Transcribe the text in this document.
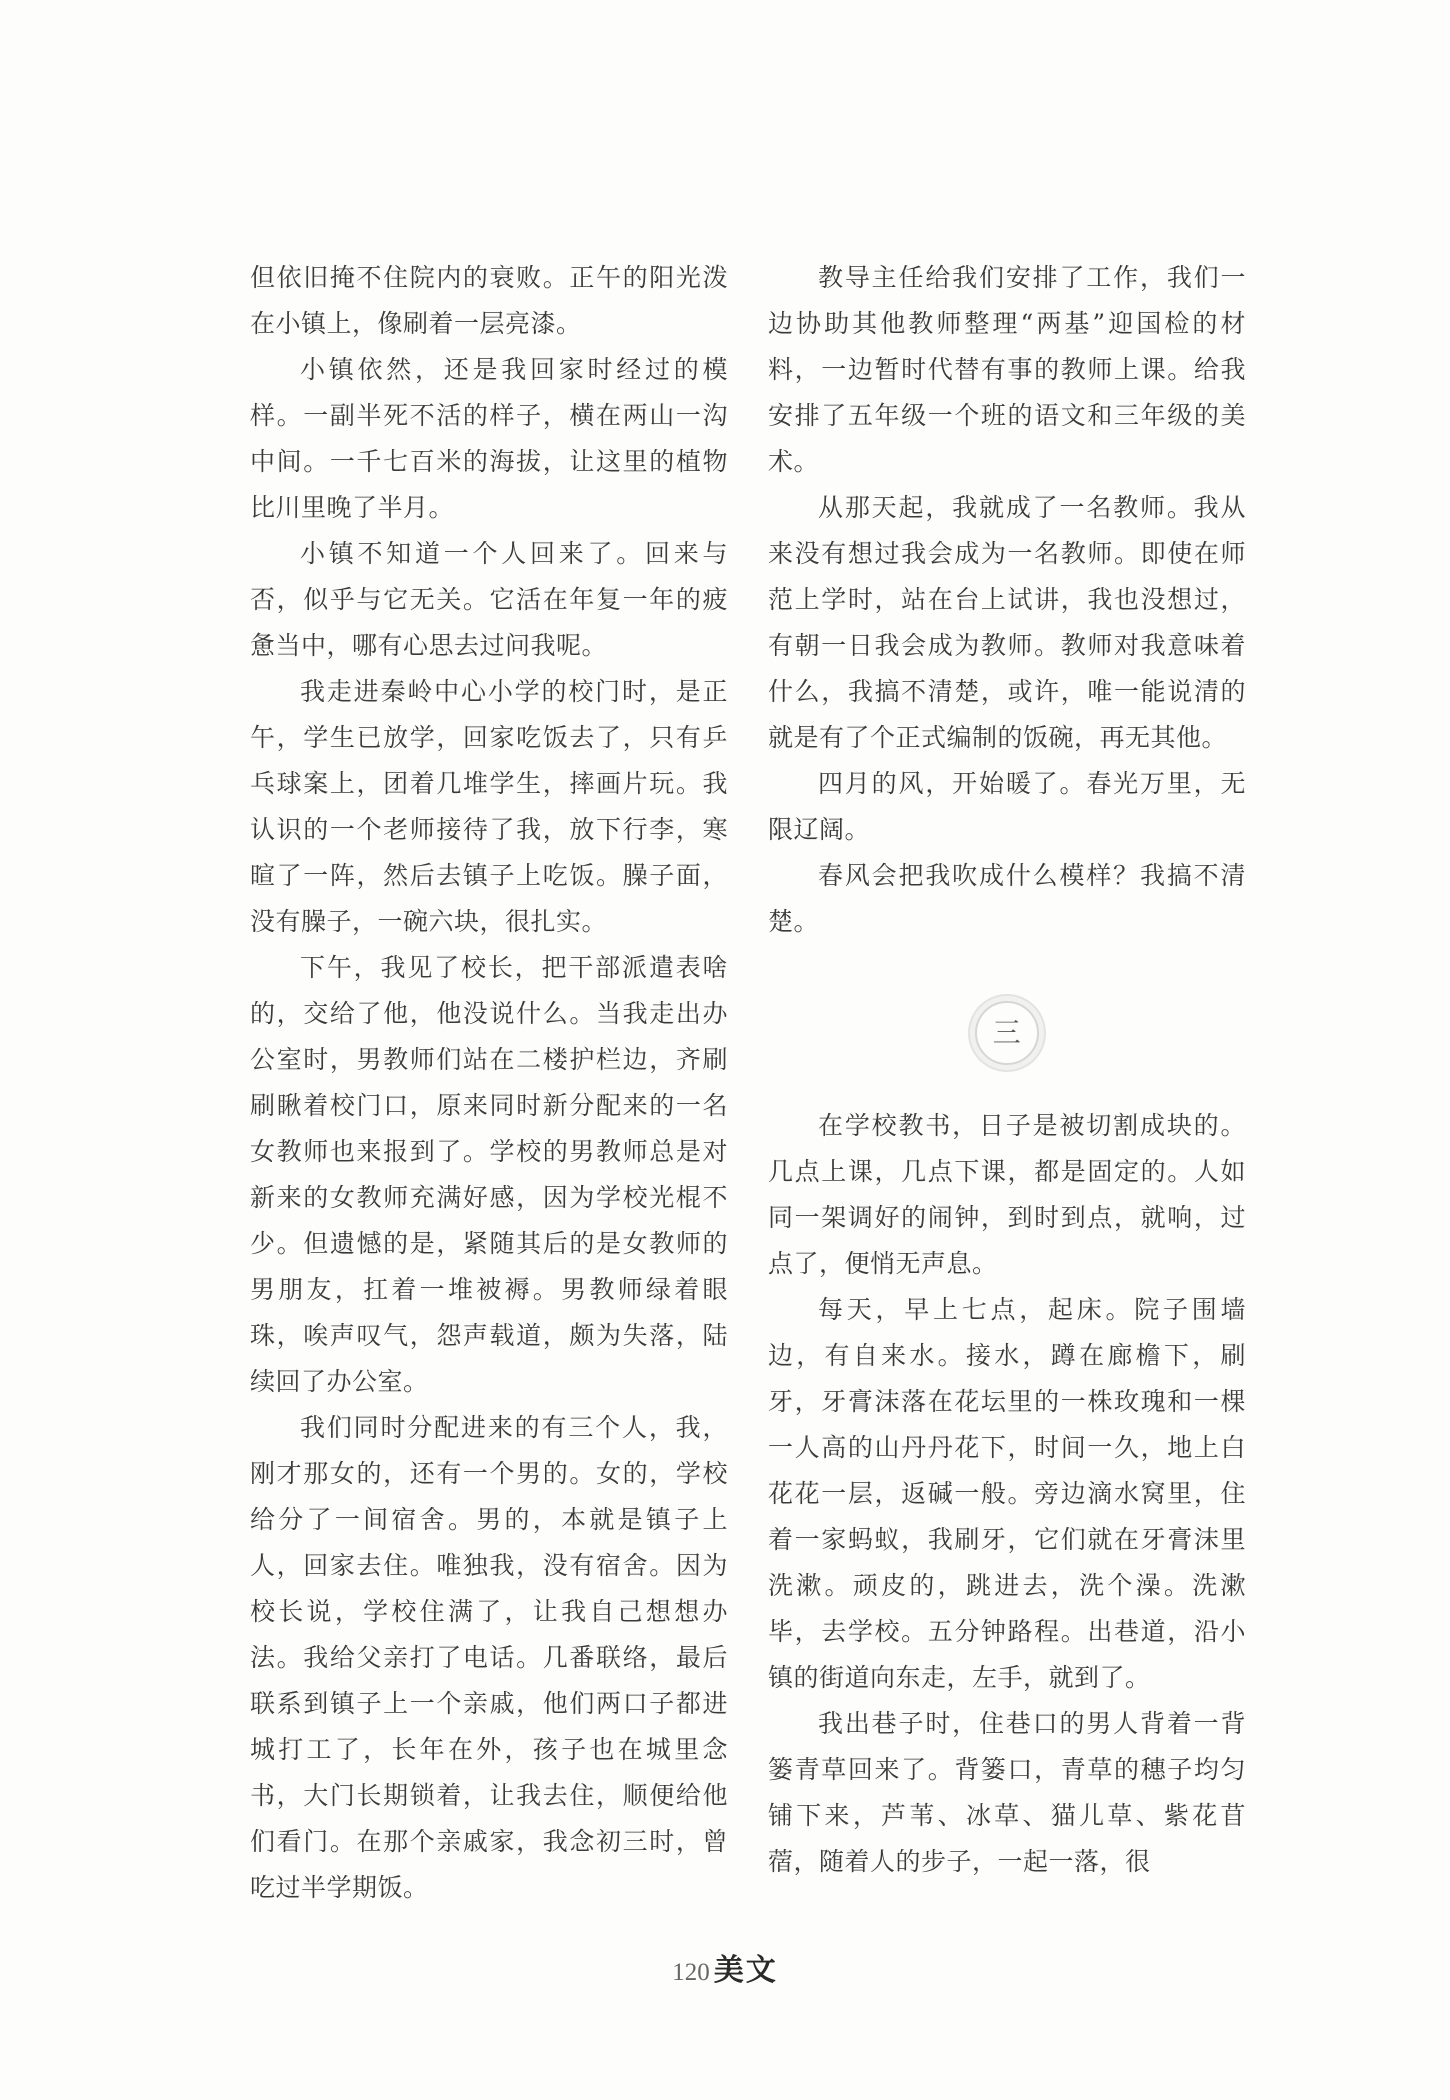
但依旧掩不住院内的衰败。正午的阳光泼在小镇上，像刷着一层亮漆。

小镇依然，还是我回家时经过的模样。一副半死不活的样子，横在两山一沟中间。一千七百米的海拔，让这里的植物比川里晚了半月。

小镇不知道一个人回来了。回来与否，似乎与它无关。它活在年复一年的疲惫当中，哪有心思去过问我呢。

我走进秦岭中心小学的校门时，是正午，学生已放学，回家吃饭去了，只有乒乓球案上，团着几堆学生，摔画片玩。我认识的一个老师接待了我，放下行李，寒暄了一阵，然后去镇子上吃饭。臊子面，没有臊子，一碗六块，很扎实。

下午，我见了校长，把干部派遣表啥的，交给了他，他没说什么。当我走出办公室时，男教师们站在二楼护栏边，齐刷刷瞅着校门口，原来同时新分配来的一名女教师也来报到了。学校的男教师总是对新来的女教师充满好感，因为学校光棍不少。但遗憾的是，紧随其后的是女教师的男朋友，扛着一堆被褥。男教师绿着眼珠，唉声叹气，怨声载道，颇为失落，陆续回了办公室。

我们同时分配进来的有三个人，我，刚才那女的，还有一个男的。女的，学校给分了一间宿舍。男的，本就是镇子上人，回家去住。唯独我，没有宿舍。因为校长说，学校住满了，让我自己想想办法。我给父亲打了电话。几番联络，最后联系到镇子上一个亲戚，他们两口子都进城打工了，长年在外，孩子也在城里念书，大门长期锁着，让我去住，顺便给他们看门。在那个亲戚家，我念初三时，曾吃过半学期饭。

教导主任给我们安排了工作，我们一边协助其他教师整理“两基”迎国检的材料，一边暂时代替有事的教师上课。给我安排了五年级一个班的语文和三年级的美术。

从那天起，我就成了一名教师。我从来没有想过我会成为一名教师。即使在师范上学时，站在台上试讲，我也没想过，有朝一日我会成为教师。教师对我意味着什么，我搞不清楚，或许，唯一能说清的就是有了个正式编制的饭碗，再无其他。

四月的风，开始暖了。春光万里，无限辽阔。

春风会把我吹成什么模样？我搞不清楚。

三

在学校教书，日子是被切割成块的。几点上课，几点下课，都是固定的。人如同一架调好的闹钟，到时到点，就响，过点了，便悄无声息。

每天，早上七点，起床。院子围墙边，有自来水。接水，蹲在廊檐下，刷牙，牙膏沫落在花坛里的一株玫瑰和一棵一人高的山丹丹花下，时间一久，地上白花花一层，返碱一般。旁边滴水窝里，住着一家蚂蚁，我刷牙，它们就在牙膏沫里洗漱。顽皮的，跳进去，洗个澡。洗漱毕，去学校。五分钟路程。出巷道，沿小镇的街道向东走，左手，就到了。

我出巷子时，住巷口的男人背着一背篓青草回来了。背篓口，青草的穗子均匀铺下来，芦苇、冰草、猫儿草、紫花苜蓿，随着人的步子，一起一落，很

120 美文
